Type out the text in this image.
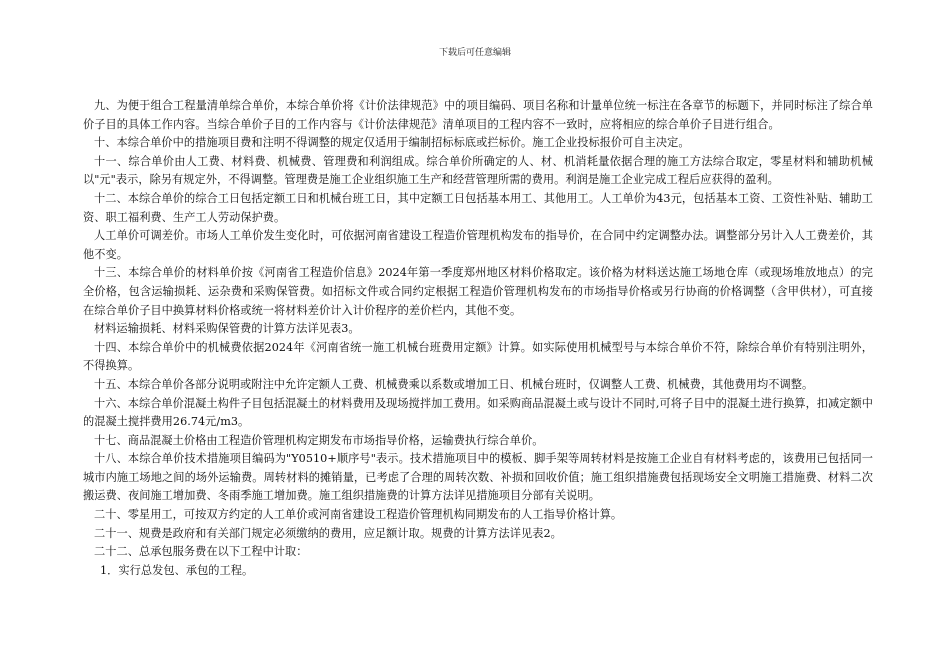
下载后可任意编辑

九、为便于组合工程量清单综合单价，本综合单价将《计价法律规范》中的项目编码、项目名称和计量单位统一标注在各章节的标题下，并同时标注了综合单价子目的具体工作内容。当综合单价子目的工作内容与《计价法律规范》清单项目的工程内容不一致时，应将相应的综合单价子目进行组合。

十、本综合单价中的措施项目费和注明不得调整的规定仅适用于编制招标标底或拦标价。施工企业投标报价可自主决定。

十一、综合单价由人工费、材料费、机械费、管理费和利润组成。综合单价所确定的人、材、机消耗量依据合理的施工方法综合取定，零星材料和辅助机械以"元"表示，除另有规定外，不得调整。管理费是施工企业组织施工生产和经营管理所需的费用。利润是施工企业完成工程后应获得的盈利。

十二、本综合单价的综合工日包括定额工日和机械台班工日，其中定额工日包括基本用工、其他用工。人工单价为43元，包括基本工资、工资性补贴、辅助工资、职工福利费、生产工人劳动保护费。

人工单价可调差价。市场人工单价发生变化时，可依据河南省建设工程造价管理机构发布的指导价，在合同中约定调整办法。调整部分另计入人工费差价，其他不变。

十三、本综合单价的材料单价按《河南省工程造价信息》2024年第一季度郑州地区材料价格取定。该价格为材料送达施工场地仓库（或现场堆放地点）的完全价格，包含运输损耗、运杂费和采购保管费。如招标文件或合同约定根据工程造价管理机构发布的市场指导价格或另行协商的价格调整（含甲供材），可直接在综合单价子目中换算材料价格或统一将材料差价计入计价程序的差价栏内，其他不变。

材料运输损耗、材料采购保管费的计算方法详见表3。

十四、本综合单价中的机械费依据2024年《河南省统一施工机械台班费用定额》计算。如实际使用机械型号与本综合单价不符，除综合单价有特别注明外，不得换算。

十五、本综合单价各部分说明或附注中允许定额人工费、机械费乘以系数或增加工日、机械台班时，仅调整人工费、机械费，其他费用均不调整。

十六、本综合单价混凝土构件子目包括混凝土的材料费用及现场搅拌加工费用。如采购商品混凝土或与设计不同时,可将子目中的混凝土进行换算，扣减定额中的混凝土搅拌费用26.74元/m3。

十七、商品混凝土价格由工程造价管理机构定期发布市场指导价格，运输费执行综合单价。

十八、本综合单价技术措施项目编码为"Y0510+顺序号"表示。技术措施项目中的模板、脚手架等周转材料是按施工企业自有材料考虑的，该费用已包括同一城市内施工场地之间的场外运输费。周转材料的摊销量，已考虑了合理的周转次数、补损和回收价值；施工组织措施费包括现场安全文明施工措施费、材料二次搬运费、夜间施工增加费、冬雨季施工增加费。施工组织措施费的计算方法详见措施项目分部有关说明。

二十、零星用工，可按双方约定的人工单价或河南省建设工程造价管理机构同期发布的人工指导价格计算。

二十一、规费是政府和有关部门规定必须缴纳的费用，应足额计取。规费的计算方法详见表2。

二十二、总承包服务费在以下工程中计取：

1．实行总发包、承包的工程。
